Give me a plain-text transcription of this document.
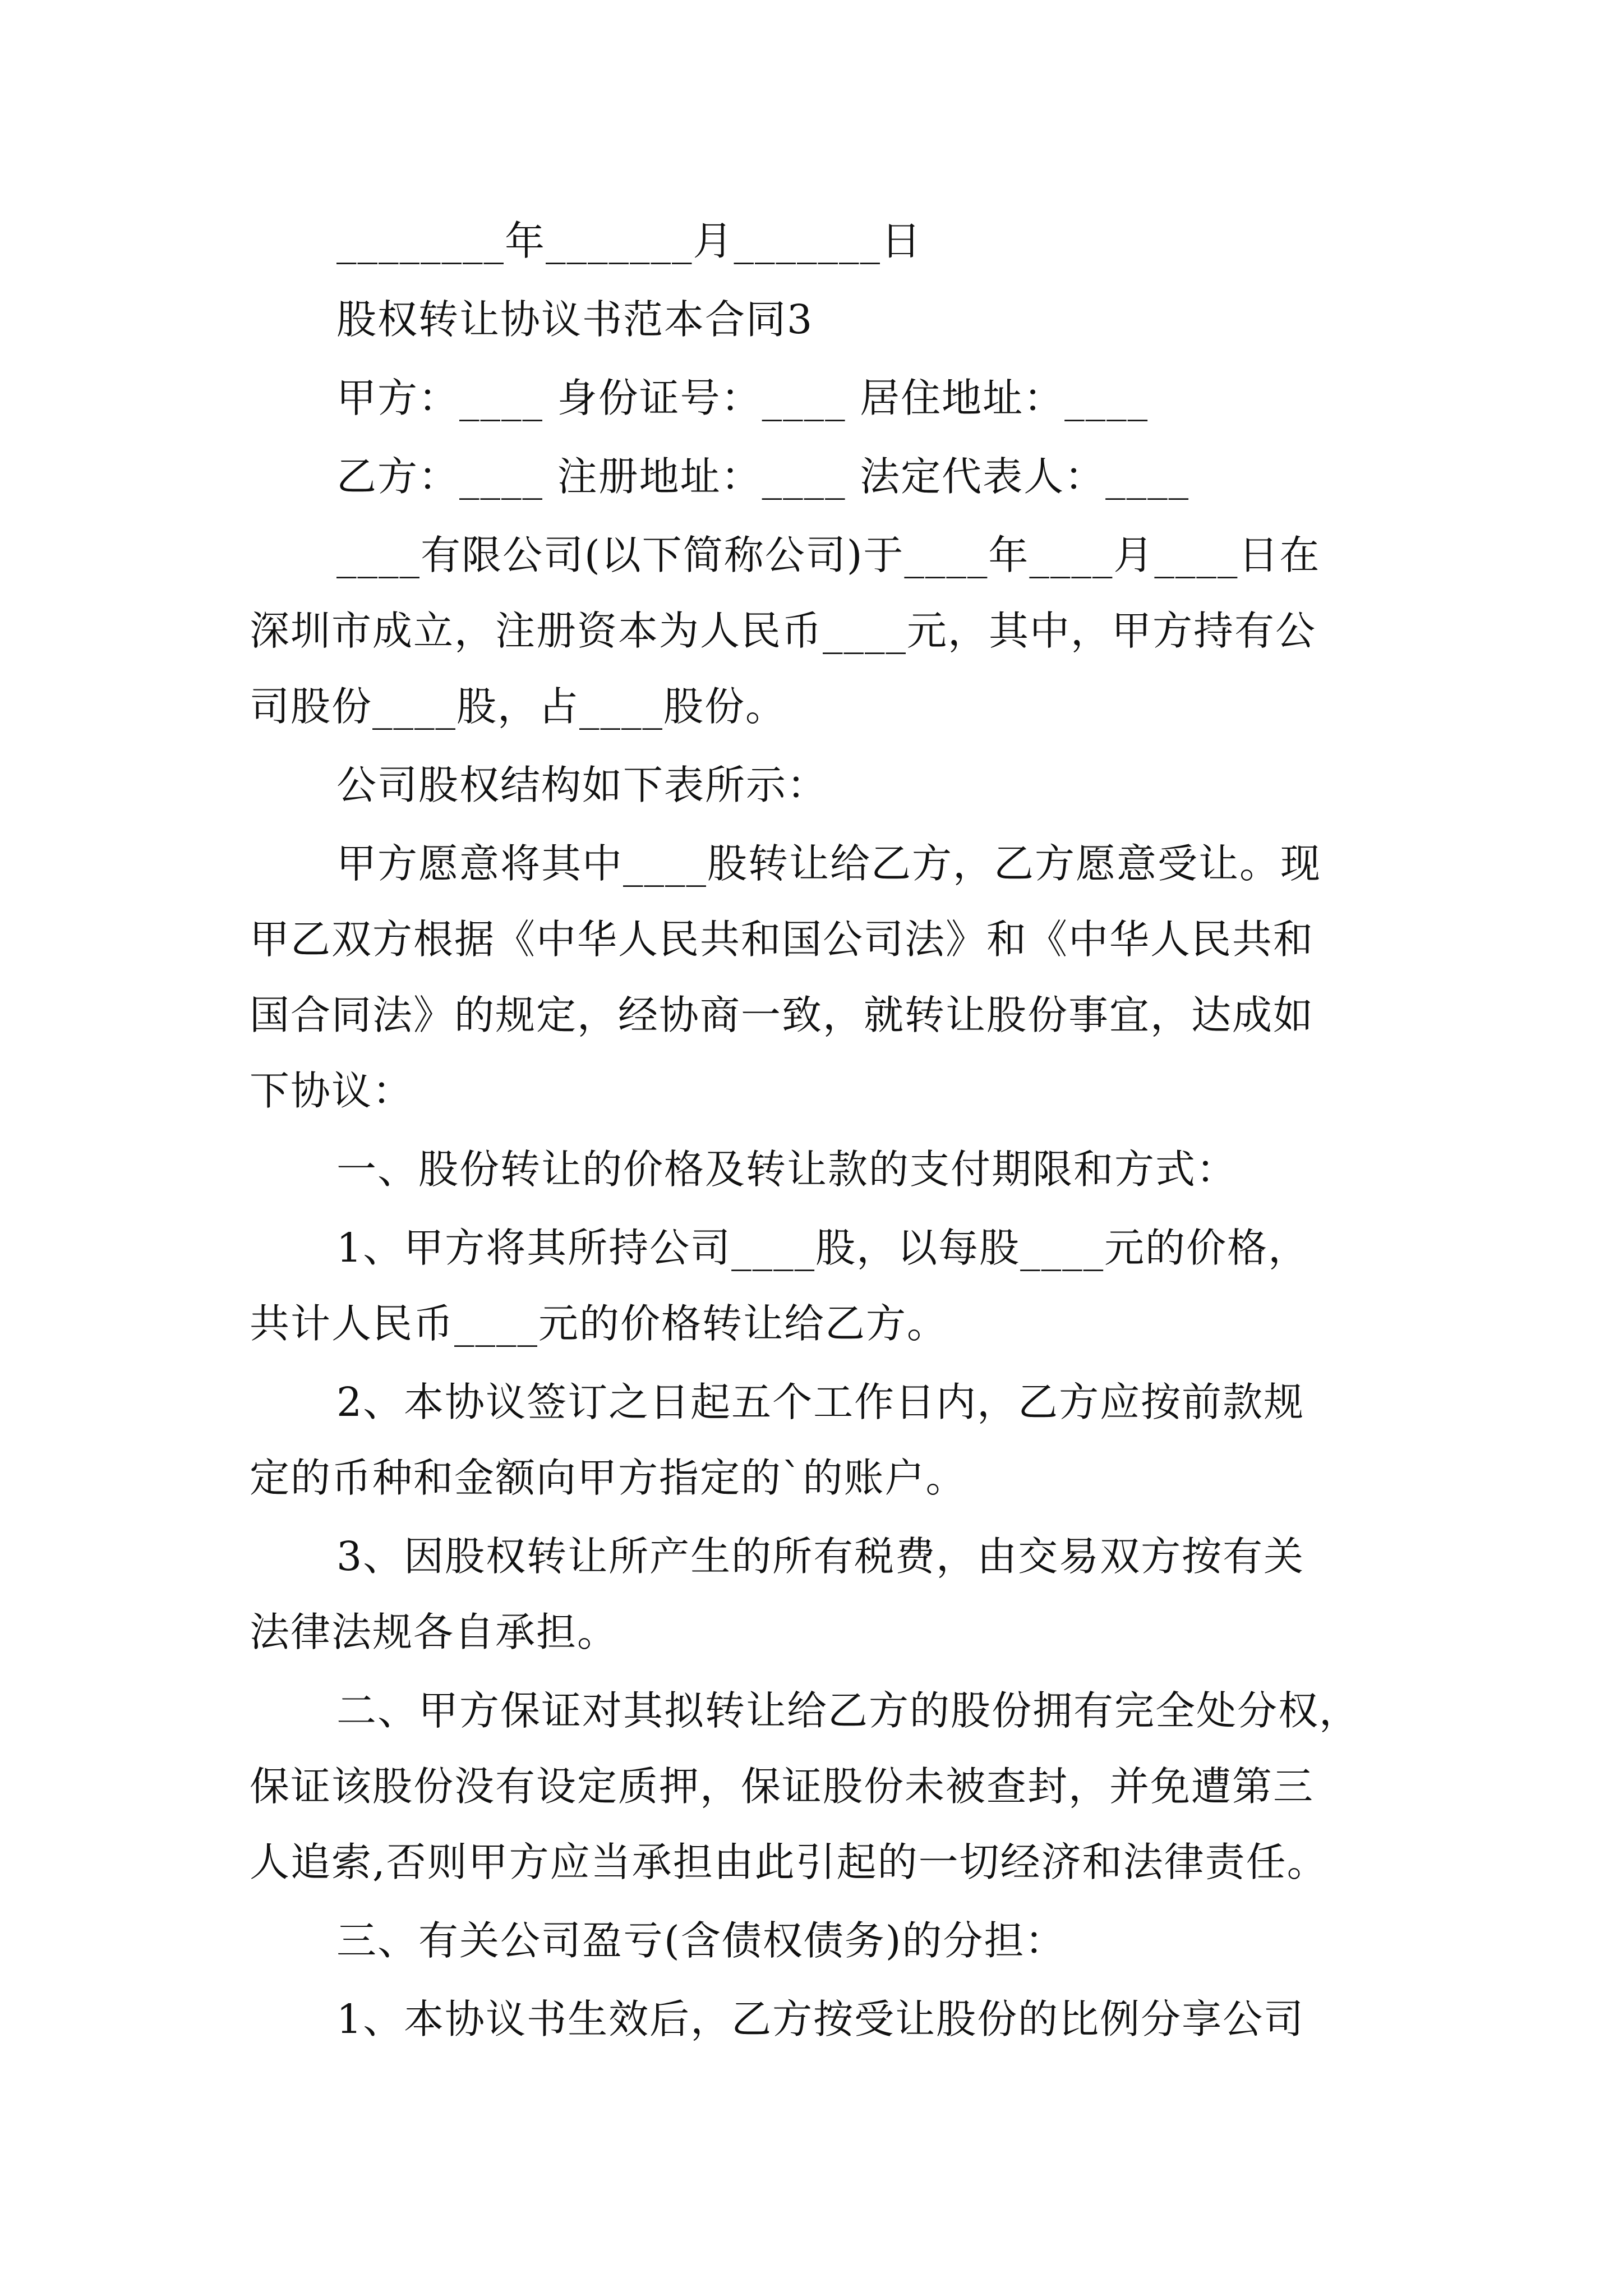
________年_______月_______日
股权转让协议书范本合同3
甲方：____ 身份证号：____ 居住地址：____
乙方：____ 注册地址：____ 法定代表人：____
____有限公司(以下简称公司)于____年____月____日在
深圳市成立，注册资本为人民币____元，其中，甲方持有公
司股份____股，占____股份。
公司股权结构如下表所示：
甲方愿意将其中____股转让给乙方，乙方愿意受让。现
甲乙双方根据《中华人民共和国公司法》和《中华人民共和
国合同法》的规定，经协商一致，就转让股份事宜，达成如
下协议：
一、股份转让的价格及转让款的支付期限和方式：
1、甲方将其所持公司____股，以每股____元的价格，
共计人民币____元的价格转让给乙方。
2、本协议签订之日起五个工作日内，乙方应按前款规
定的币种和金额向甲方指定的`的账户。
3、因股权转让所产生的所有税费，由交易双方按有关
法律法规各自承担。
二、甲方保证对其拟转让给乙方的股份拥有完全处分权，
保证该股份没有设定质押，保证股份未被查封，并免遭第三
人追索,否则甲方应当承担由此引起的一切经济和法律责任。
三、有关公司盈亏(含债权债务)的分担：
1、本协议书生效后，乙方按受让股份的比例分享公司
